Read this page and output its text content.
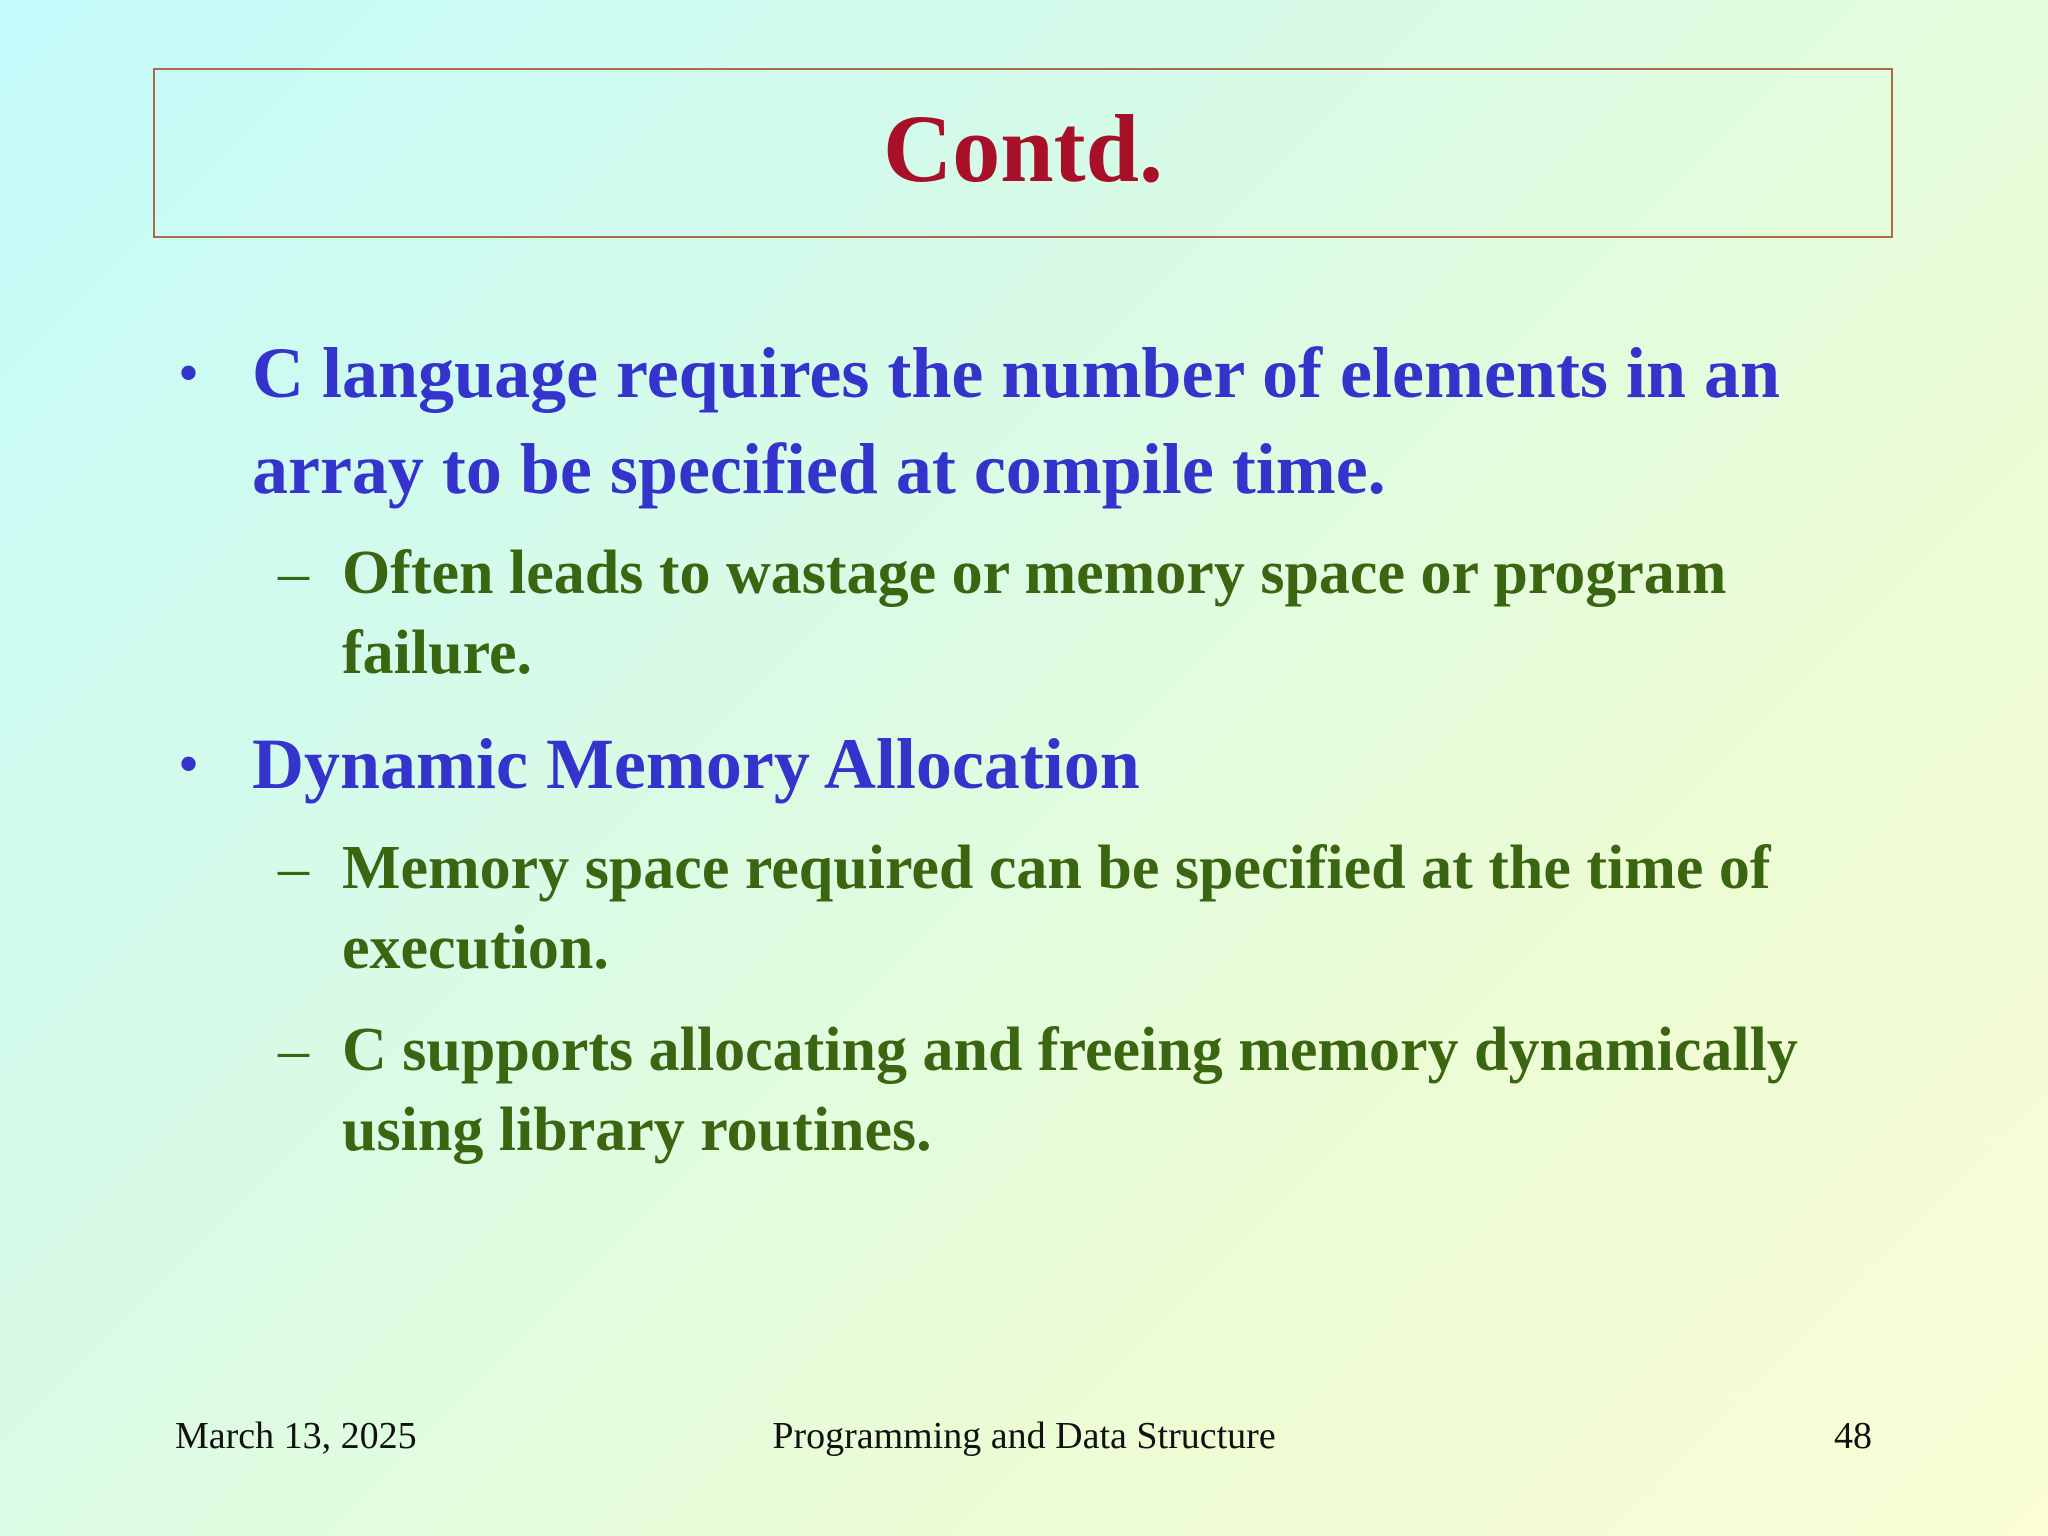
Contd.
• C language requires the number of elements in an array to be specified at compile time.
– Often leads to wastage or memory space or program failure.
• Dynamic Memory Allocation
– Memory space required can be specified at the time of execution.
– C supports allocating and freeing memory dynamically using library routines.
March 13, 2025	Programming and Data Structure	48
